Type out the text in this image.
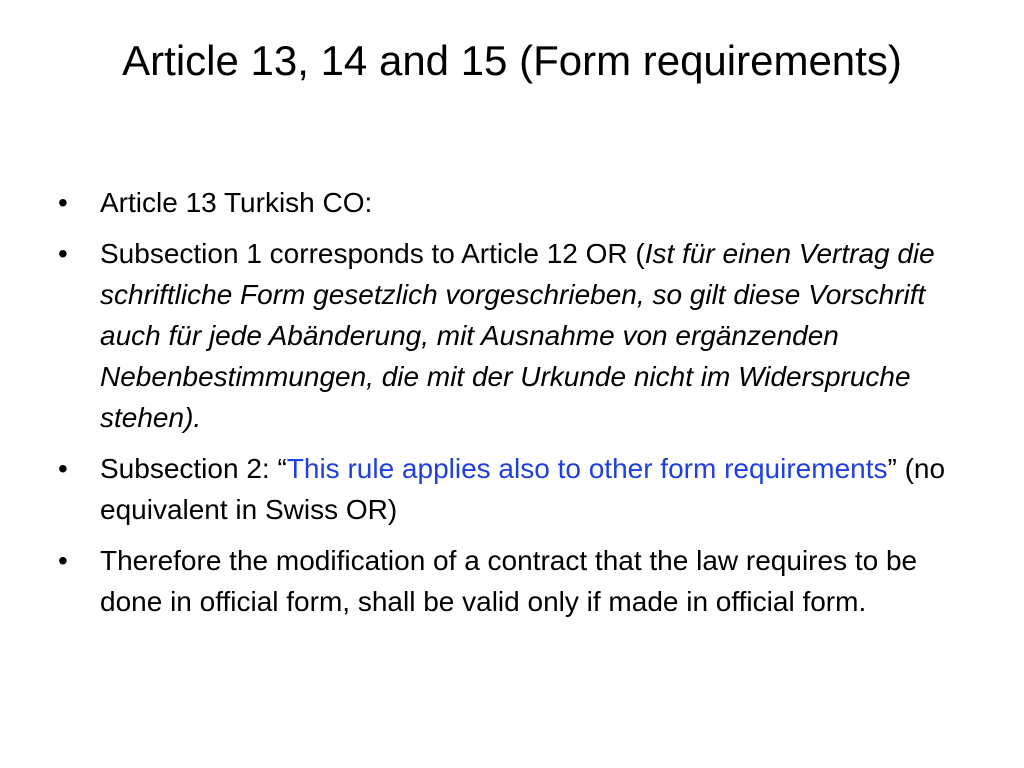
Article 13, 14 and 15 (Form requirements)
•	Article 13 Turkish CO:
•	Subsection 1 corresponds to Article 12 OR (Ist für einen Vertrag die schriftliche Form gesetzlich vorgeschrieben, so gilt diese Vorschrift auch für jede Abänderung, mit Ausnahme von ergänzenden Nebenbestimmungen, die mit der Urkunde nicht im Widerspruche stehen).
•	Subsection 2: “This rule applies also to other form requirements” (no equivalent in Swiss OR)
•	Therefore the modification of a contract that the law requires to be done in official form, shall be valid only if made in official form.
